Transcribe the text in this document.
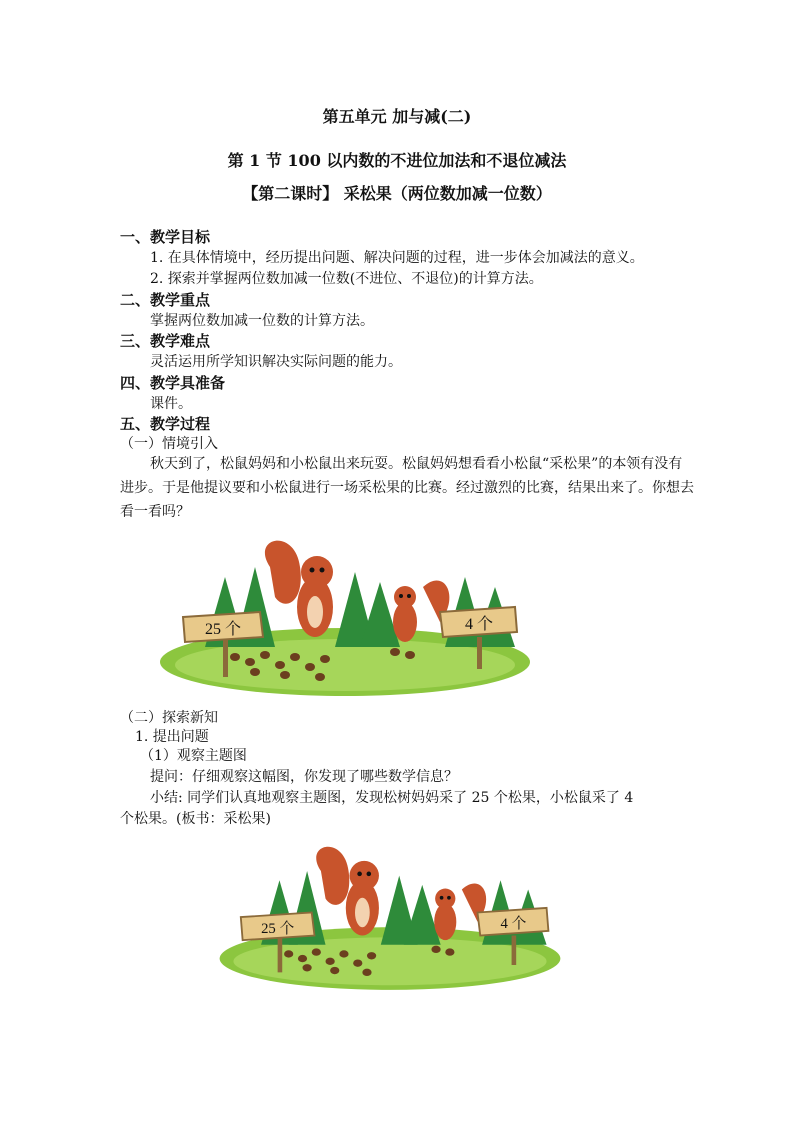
第五单元 加与减(二)
第 1 节 100 以内数的不进位加法和不退位减法
【第二课时】 采松果（两位数加减一位数）
一、教学目标
1. 在具体情境中，经历提出问题、解决问题的过程，进一步体会加减法的意义。
2. 探索并掌握两位数加减一位数(不进位、不退位)的计算方法。
二、教学重点
掌握两位数加减一位数的计算方法。
三、教学难点
灵活运用所学知识解决实际问题的能力。
四、教学具准备
课件。
五、教学过程
（一）情境引入
秋天到了，松鼠妈妈和小松鼠出来玩耍。松鼠妈妈想看看小松鼠“采松果”的本领有没有进步。于是他提议要和小松鼠进行一场采松果的比赛。经过激烈的比赛，结果出来了。你想去看一看吗？
25 个	4 个
（二）探索新知
1. 提出问题
（1）观察主题图
提问：仔细观察这幅图，你发现了哪些数学信息？
小结: 同学们认真地观察主题图，发现松树妈妈采了 25 个松果，小松鼠采了 4
个松果。(板书：采松果)
25 个	4 个
